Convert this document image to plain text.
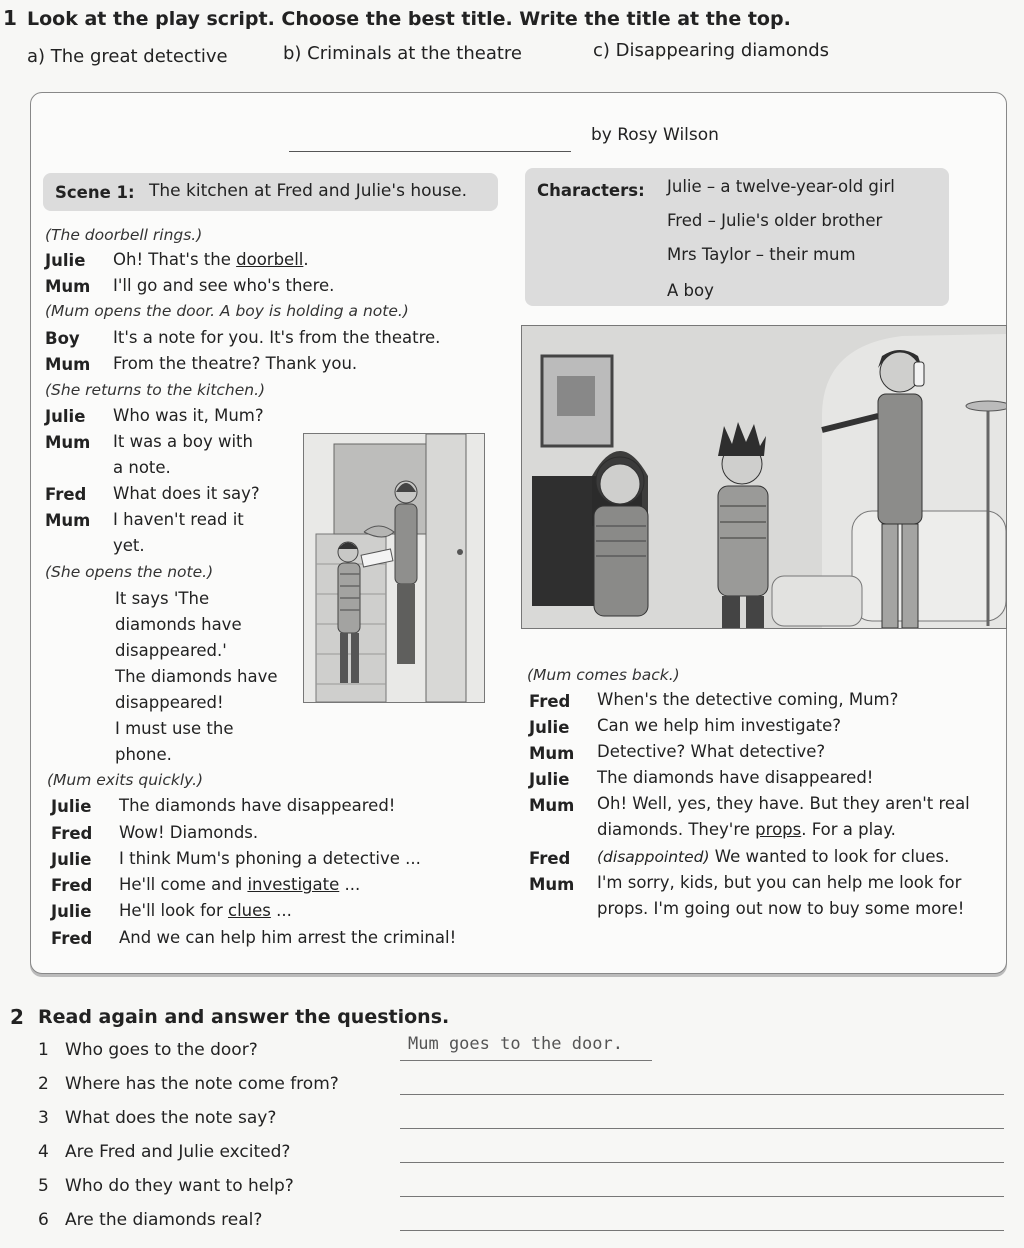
1 Look at the play script. Choose the best title. Write the title at the top.
a) The great detective	b) Criminals at the theatre	c) Disappearing diamonds
by Rosy Wilson
Scene 1: The kitchen at Fred and Julie's house.	Characters: Julie – a twelve-year-old girl
Fred – Julie's older brother
Mrs Taylor – their mum
A boy
(The doorbell rings.)
Julie Oh! That's the doorbell.
Mum I'll go and see who's there.
(Mum opens the door. A boy is holding a note.)
Boy It's a note for you. It's from the theatre.
Mum From the theatre? Thank you.
(She returns to the kitchen.)
Julie Who was it, Mum?
Mum It was a boy with
a note.
Fred What does it say?
Mum I haven't read it
yet.
(She opens the note.)
It says 'The
diamonds have
disappeared.'
The diamonds have
disappeared!
I must use the
phone.
(Mum exits quickly.)
Julie The diamonds have disappeared!
Fred Wow! Diamonds.
Julie I think Mum's phoning a detective ...
Fred He'll come and investigate ...
Julie He'll look for clues ...
Fred And we can help him arrest the criminal!
(Mum comes back.)
Fred When's the detective coming, Mum?
Julie Can we help him investigate?
Mum Detective? What detective?
Julie The diamonds have disappeared!
Mum Oh! Well, yes, they have. But they aren't real
diamonds. They're props. For a play.
Fred (disappointed) We wanted to look for clues.
Mum I'm sorry, kids, but you can help me look for
props. I'm going out now to buy some more!
2 Read again and answer the questions.
1 Who goes to the door?	Mum goes to the door.
2 Where has the note come from?
3 What does the note say?
4 Are Fred and Julie excited?
5 Who do they want to help?
6 Are the diamonds real?
